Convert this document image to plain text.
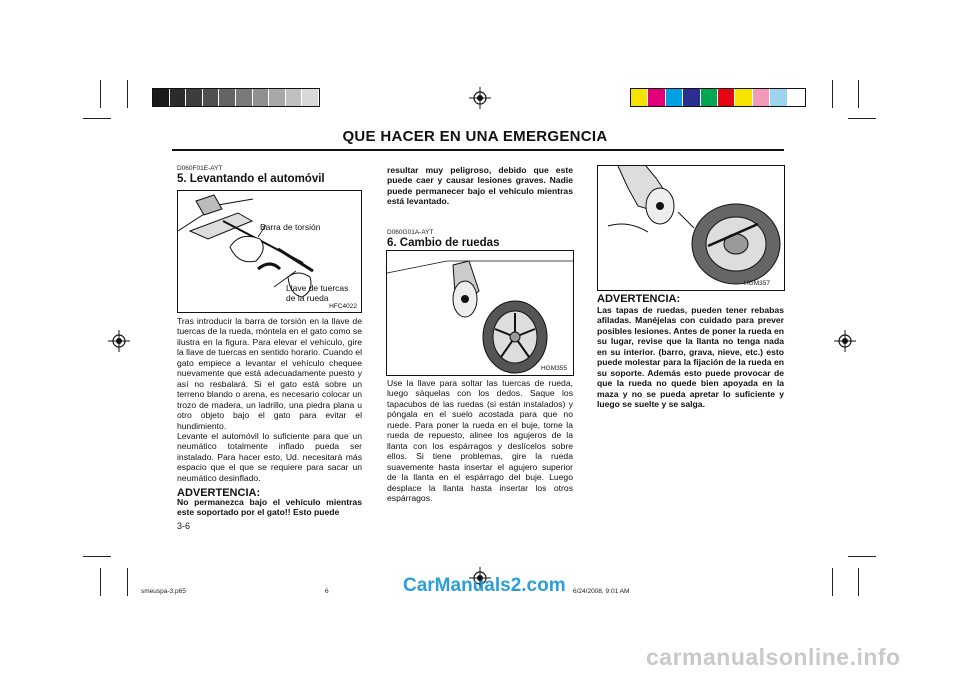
QUE HACER EN UNA EMERGENCIA
D060F01E-AYT
5. Levantando el automóvil
Barra de torsión
Llave de tuercas
de la rueda
HFC4022
Tras introducir la barra de torsión en la llave de tuercas de la rueda, móntela en el gato como se ilustra en la figura. Para elevar el vehículo, gire la llave de tuercas en sentido horario. Cuando el gato empiece a levantar el vehículo chequee nuevamente que está adecuadamente puesto y así no resbalará. Si el gato está sobre un terreno blando o arena, es necesario colocar un trozo de madera, un ladrillo, una piedra plana u otro objeto bajo el gato para evitar el hundimiento.
Levante el automóvil lo suficiente para que un neumático totalmente inflado pueda ser instalado. Para hacer esto, Ud. necesitará más espacio que el que se requiere para sacar un neumático desinflado.
ADVERTENCIA:
No permanezca bajo el vehículo mientras este soportado por el gato!! Esto puede
3-6
resultar muy peligroso, debido que este puede caer y causar lesiones graves. Nadie puede permanecer bajo el vehículo mientras está levantado.
D060G01A-AYT
6. Cambio de ruedas
HGM355
Use la llave para soltar las tuercas de rueda, luego sáquelas con los dedos. Saque los tapacubos de las ruedas (si están instalados) y póngala en el suelo acostada para que no ruede. Para poner la rueda en el buje, tome la rueda de repuesto, alinee los agujeros de la llanta con los espárragos y deslícelos sobre ellos. Si tiene problemas, gire la rueda suavemente hasta insertar el agujero superior de la llanta en el espárrago del buje. Luego desplace la llanta hasta insertar los otros espárragos.
HGM357
ADVERTENCIA:
Las tapas de ruedas, pueden tener rebabas afiladas. Manéjelas con cuidado para prever posibles lesiones. Antes de poner la rueda en su lugar, revise que la llanta no tenga nada en su interior. (barro, grava, nieve, etc.) esto puede molestar para la fijación de la rueda en su soporte. Además esto puede provocar de que la rueda no quede bien apoyada en la maza y no se pueda apretar lo suficiente y luego se suelte y se salga.
smeuspa-3.p65	6	6/24/2008, 9:01 AM
CarManuals2.com
carmanualsonline.info
